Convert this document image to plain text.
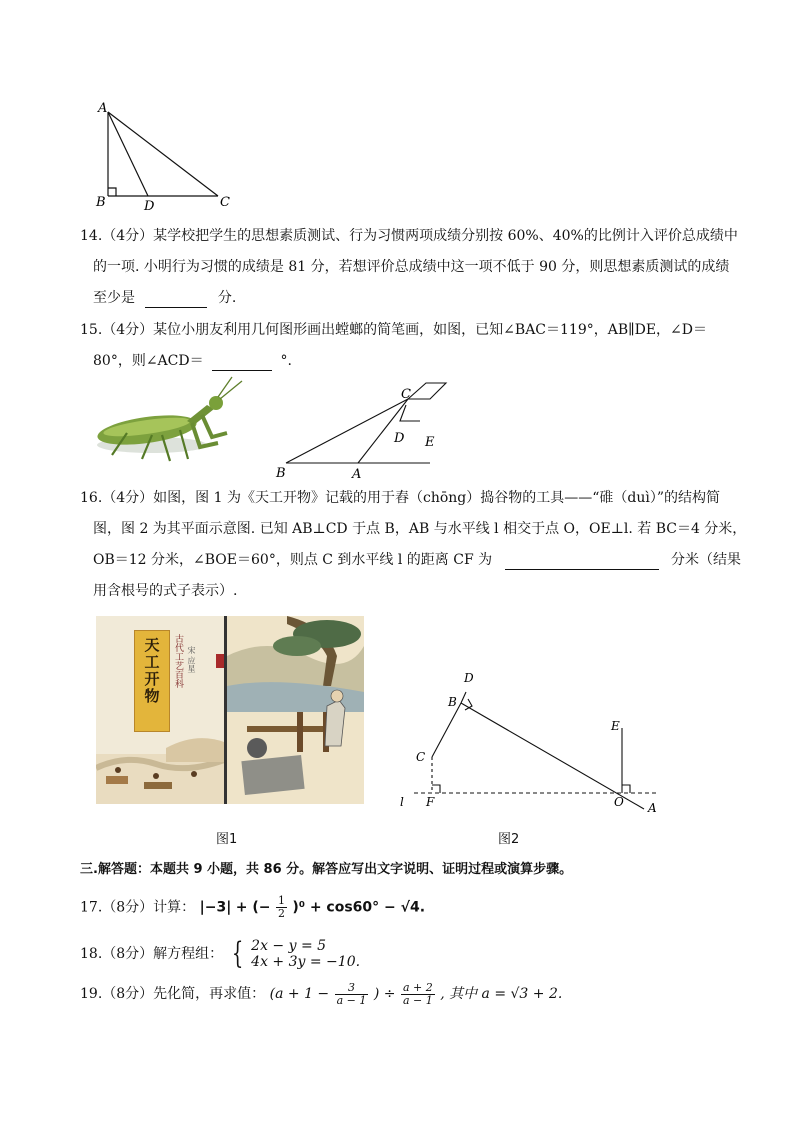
A
B	D	C
14.（4分）某学校把学生的思想素质测试、行为习惯两项成绩分别按 60%、40%的比例计入评价总成绩中
的一项. 小明行为习惯的成绩是 81 分，若想评价总成绩中这一项不低于 90 分，则思想素质测试的成绩
至少是	分.
15.（4分）某位小朋友利用几何图形画出螳螂的简笔画，如图，已知∠BAC＝119°，AB∥DE，∠D＝
80°，则∠ACD＝	°.
C
D E
B	A
16.（4分）如图，图 1 为《天工开物》记载的用于舂（chōng）捣谷物的工具——“碓（duì）”的结构简
图，图 2 为其平面示意图. 已知 AB⊥CD 于点 B，AB 与水平线 l 相交于点 O，OE⊥l. 若 BC＝4 分米，
OB＝12 分米，∠BOE＝60°，则点 C 到水平线 l 的距离 CF 为	分米（结果
用含根号的式子表示）.
天工开物 古代工艺百科 宋 应星
图1
D
B
C
E
l F	O A
图2
三.解答题：本题共 9 小题，共 86 分。解答应写出文字说明、证明过程或演算步骤。
17.（8分）计算： |−3| + (− $\frac{1}{2} )^0 + \cos 60^\circ - √4$.
18.（8分）解方程组： { 2x − y = 5
4x + 3y = −10.
19.（8分）先化简，再求值： ($a + 1 - \frac{3}{a - 1}$ ) ÷ $\frac{a + 2}{a - 1}$ , 其中 a = √3 + 2.
